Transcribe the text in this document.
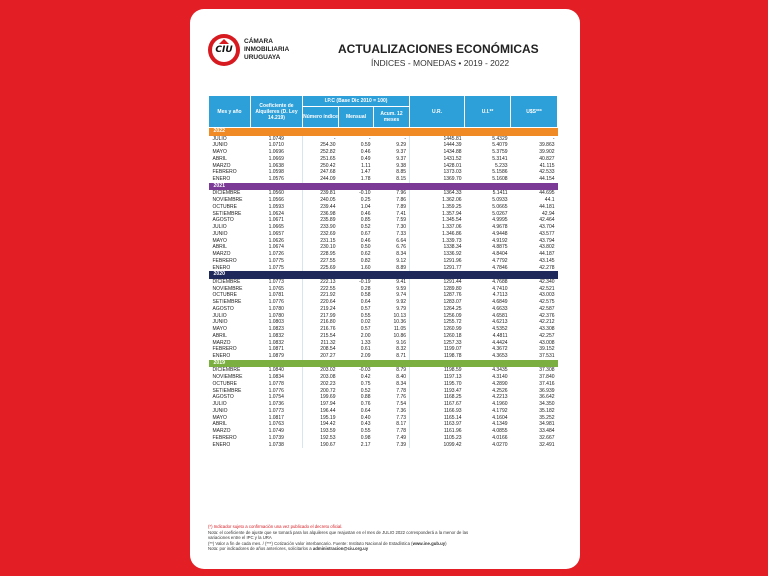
CIU
CÁMARA
INMOBILIARIA
URUGUAYA
ACTUALIZACIONES ECONÓMICAS
ÍNDICES - MONEDAS • 2019 - 2022
Mes y año	Coeficiente de Alquileres (D. Ley 14.219)	I.P.C (Base Dic 2010 = 100)			U.R.	U.I.**	U$S***
		Número índice	Mensual	Acum. 12 meses			
2022							
JULIO	1.0749	-	-	-	1445.81	5.4329	-
JUNIO	1.0710	254.30	0.59	9.29	1444.39	5.4079	39.863
MAYO	1.0696	252.82	0.46	9.37	1434.88	5.3759	39.902
ABRIL	1.0669	251.65	0.49	9.37	1431.52	5.3141	40.827
MARZO	1.0638	250.42	1.11	9.38	1428.01	5.233	41.115
FEBRERO	1.0598	247.68	1.47	8.85	1373.03	5.1586	42.533
ENERO	1.0576	244.09	1.78	8.15	1369.70	5.1608	44.154
2021							
DICIEMBRE	1.0560	239.81	-0.10	7.96	1364.33	5.1411	44.695
NOVIEMBRE	1.0566	240.05	0.25	7.86	1.362.06	5.0933	44.1
OCTUBRE	1.0593	239.44	1.04	7.89	1.359.25	5.0665	44.181
SETIEMBRE	1.0624	236.98	0.46	7.41	1.357.94	5.0267	42.94
AGOSTO	1.0671	235.89	0.85	7.59	1.345.54	4.9995	42.464
JULIO	1.0665	233.90	0.52	7.30	1.337.06	4.9678	43.704
JUNIO	1.0657	232.69	0.67	7.33	1.346.86	4.9448	43.577
MAYO	1.0626	231.15	0.46	6.64	1.339.73	4.9192	43.794
ABRIL	1.0674	230.10	0.50	6.76	1338.34	4.8875	43.802
MARZO	1.0726	228.95	0.62	8.34	1336.92	4.8404	44.187
FEBRERO	1.0775	227.55	0.82	9.12	1291.96	4.7792	43.145
ENERO	1.0775	225.69	1.60	8.89	1291.77	4.7846	42.278
2020							
DICIEMBRE	1.0773	222.13	-0.19	9.41	1291.44	4.7688	42.340
NOVIEMBRE	1.0765	222.55	0.28	9.59	1289.80	4.7410	42.521
OCTUBRE	1.0781	221.92	0.58	9.74	1287.76	4.7113	43.003
SETIEMBRE	1.0776	220.64	0.64	9.92	1283.07	4.6849	42.575
AGOSTO	1.0780	219.24	0.57	9.79	1264.25	4.6633	42.587
JULIO	1.0780	217.99	0.55	10.13	1256.09	4.6581	42.376
JUNIO	1.0803	216.80	0.02	10.36	1255.72	4.6213	42.212
MAYO	1.0823	216.76	0.57	11.05	1260.99	4.5352	43.308
ABRIL	1.0832	215.54	2.00	10.86	1260.18	4.4811	42.257
MARZO	1.0832	211.32	1.33	9.16	1257.33	4.4424	43.008
FEBRERO	1.0871	208.54	0.61	8.32	1199.07	4.3672	39.152
ENERO	1.0879	207.27	2.09	8.71	1198.78	4.3653	37.531
2019							
DICIEMBRE	1.0840	203.02	-0.03	8.79	1198.59	4.3435	37.308
NOVIEMBRE	1.0834	203.08	0.42	8.40	1197.13	4.3140	37.840
OCTUBRE	1.0778	202.23	0.75	8.34	1195.70	4.2890	37.416
SETIEMBRE	1.0776	200.72	0.52	7.78	1193.47	4.2526	36.939
AGOSTO	1.0754	199.69	0.88	7.76	1168.25	4.2213	36.642
JULIO	1.0736	197.94	0.76	7.54	1167.67	4.1960	34.350
JUNIO	1.0773	196.44	0.64	7.36	1166.93	4.1792	35.182
MAYO	1.0817	195.19	0.40	7.73	1165.14	4.1604	35.252
ABRIL	1.0763	194.42	0.43	8.17	1163.97	4.1349	34.981
MARZO	1.0749	193.59	0.55	7.78	1161.96	4.0855	33.484
FEBRERO	1.0739	192.53	0.98	7.49	1105.23	4.0166	32.667
ENERO	1.0738	190.67	2.17	7.39	1099.42	4.0270	32.491
(*) Indicador sujeto a confirmación una vez publicado el decreto oficial.
Nota: el coeficiente de ajuste que se tomará para los alquileres que reajustan en el mes de JULIO 2022 corresponderá a la menor de las
variaciones entre el IPC y la URA
(**) Valor a fin de cada mes. / (***) Cotización valor interbancario. Fuente: Instituto Nacional de Estadística (www.ine.gub.uy)
Nota: por indicadores de años anteriores, solicitarlos a administracion@ciu.org.uy
